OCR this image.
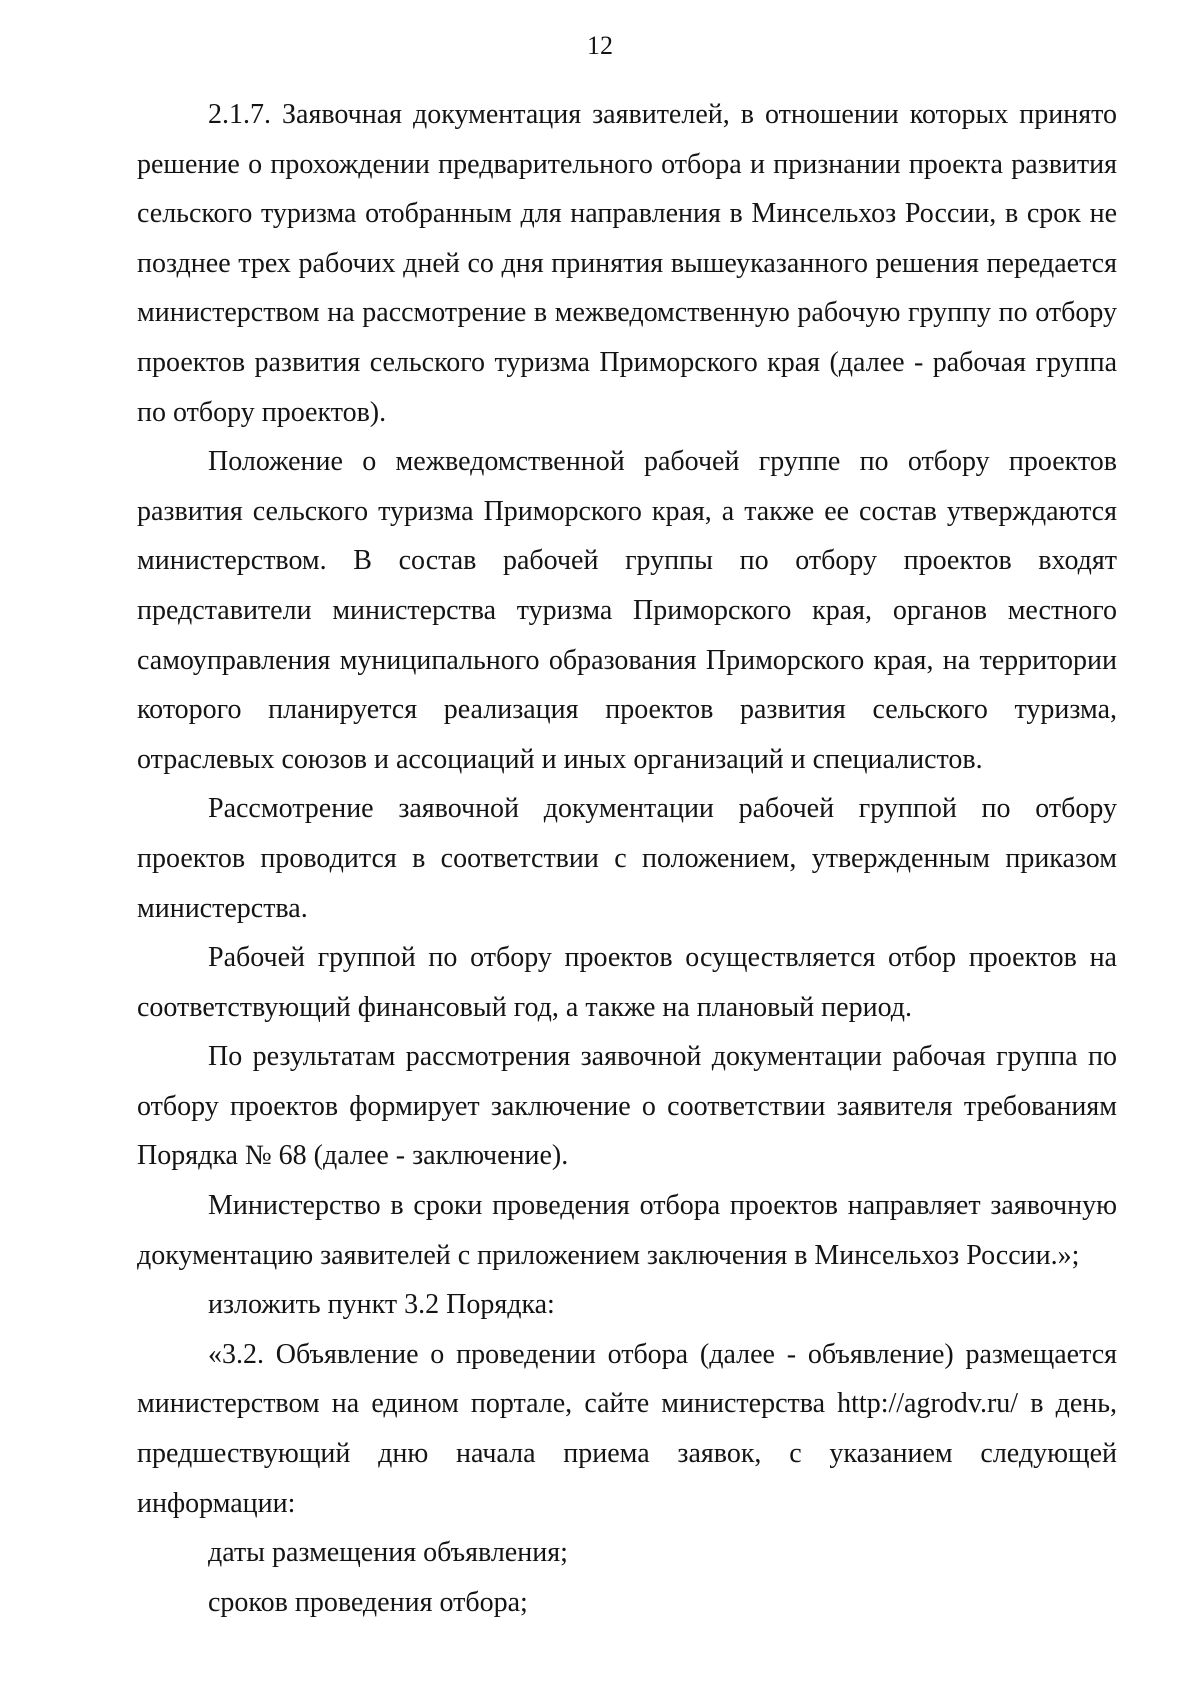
12

2.1.7. Заявочная документация заявителей, в отношении которых принято решение о прохождении предварительного отбора и признании проекта развития сельского туризма отобранным для направления в Минсельхоз России, в срок не позднее трех рабочих дней со дня принятия вышеуказанного решения передается министерством на рассмотрение в межведомственную рабочую группу по отбору проектов развития сельского туризма Приморского края (далее - рабочая группа по отбору проектов).

Положение о межведомственной рабочей группе по отбору проектов развития сельского туризма Приморского края, а также ее состав утверждаются министерством. В состав рабочей группы по отбору проектов входят представители министерства туризма Приморского края, органов местного самоуправления муниципального образования Приморского края, на территории которого планируется реализация проектов развития сельского туризма, отраслевых союзов и ассоциаций и иных организаций и специалистов.

Рассмотрение заявочной документации рабочей группой по отбору проектов проводится в соответствии с положением, утвержденным приказом министерства.

Рабочей группой по отбору проектов осуществляется отбор проектов на соответствующий финансовый год, а также на плановый период.

По результатам рассмотрения заявочной документации рабочая группа по отбору проектов формирует заключение о соответствии заявителя требованиям Порядка № 68 (далее - заключение).

Министерство в сроки проведения отбора проектов направляет заявочную документацию заявителей с приложением заключения в Минсельхоз России.»;

изложить пункт 3.2 Порядка:

«3.2. Объявление о проведении отбора (далее - объявление) размещается министерством на едином портале, сайте министерства http://agrodv.ru/ в день, предшествующий дню начала приема заявок, с указанием следующей информации:

даты размещения объявления;

сроков проведения отбора;
